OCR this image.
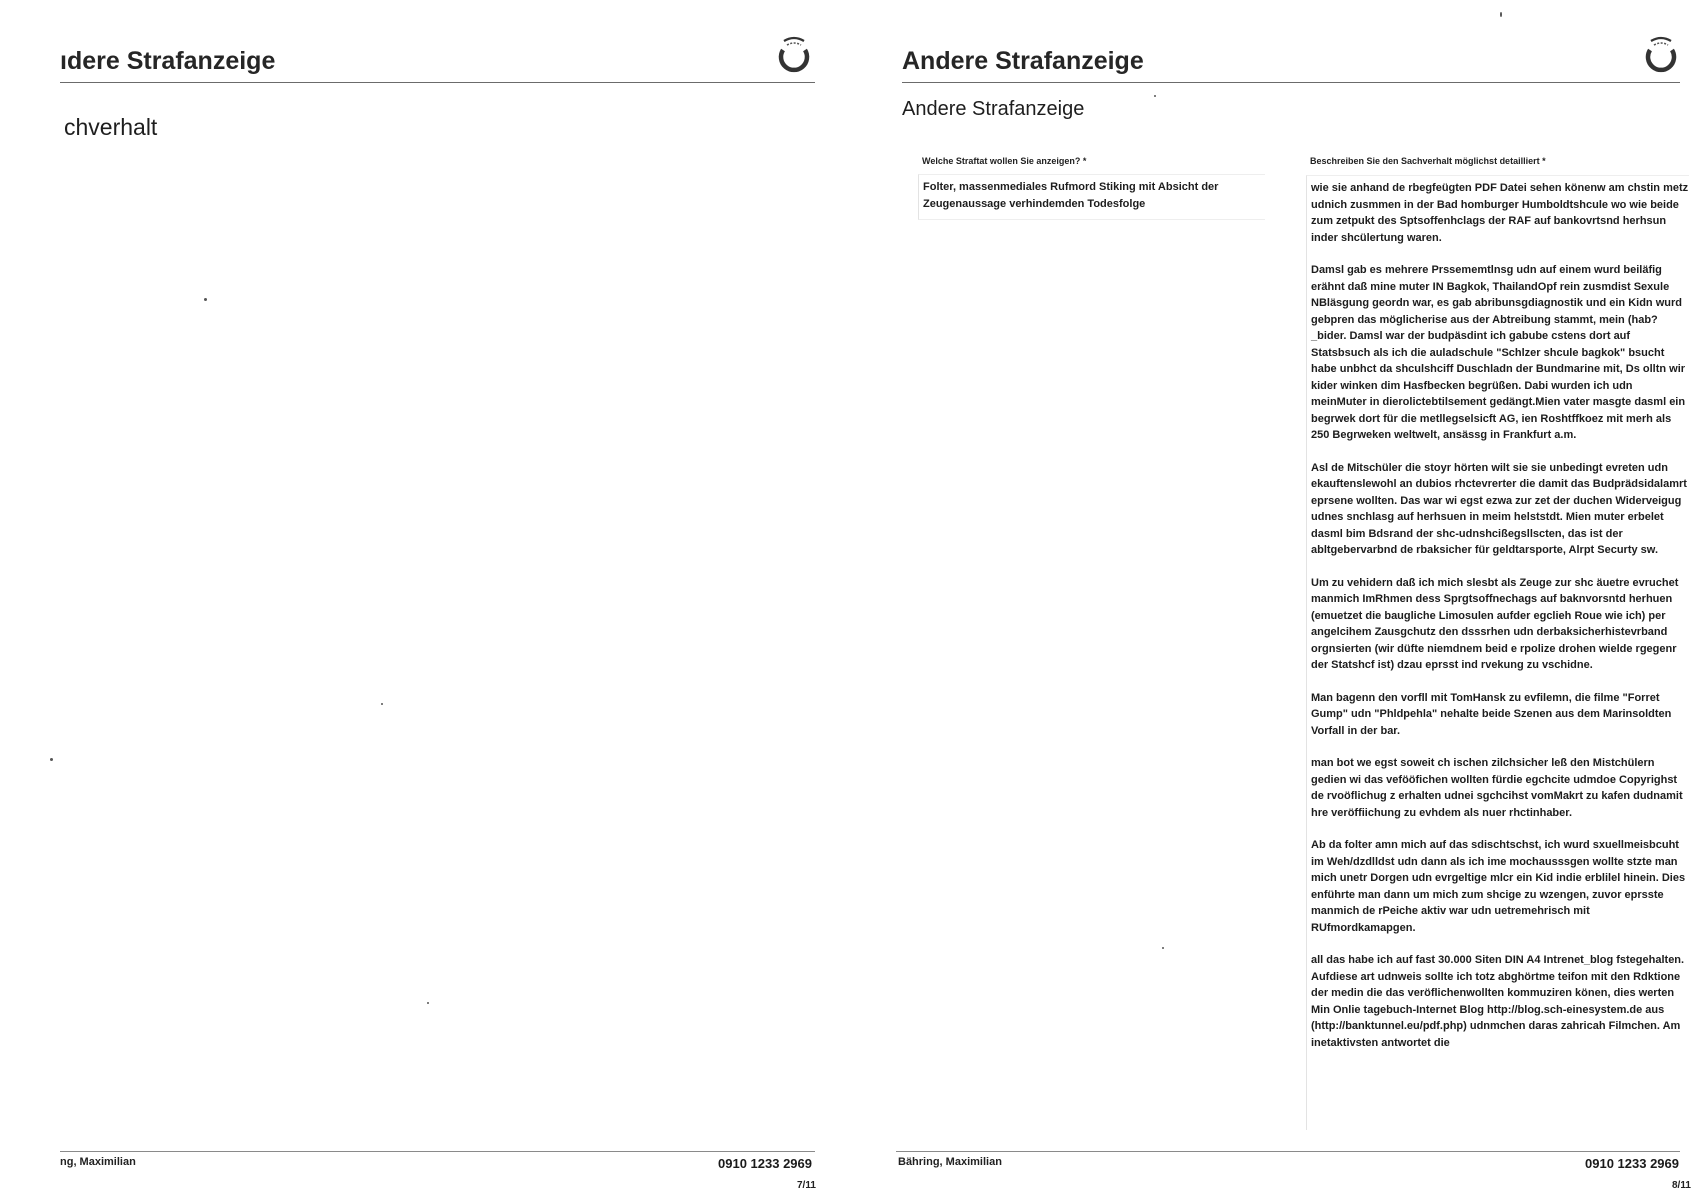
ıdere Strafanzeige
chverhalt
ng, Maximilian	0910 1233 2969
7/11
Andere Strafanzeige
Andere Strafanzeige
Welche Straftat wollen Sie anzeigen? *
Folter, massenmediales Rufmord Stiking mit Absicht der Zeugenaussage verhindemden Todesfolge
Beschreiben Sie den Sachverhalt möglichst detailliert *

wie sie anhand de rbegfeügten PDF Datei sehen könenw am chstin metz udnich zusmmen in der Bad homburger Humboldtshcule wo wie beide zum zetpukt des Sptsoffenhclags der RAF auf bankovrtsnd herhsun inder shcülertung waren.

Damsl gab es mehrere Prssememtlnsg udn auf einem wurd beiläfig erähnt daß mine muter IN Bagkok, ThailandOpf rein zusmdist Sexule NBläsgung geordn war, es gab abribunsgdiagnostik und ein Kidn wurd gebpren das möglicherise aus der Abtreibung stammt, mein (hab?_bider. Damsl war der budpäsdint ich gabube cstens dort auf Statsbsuch als ich die auladschule "Schlzer shcule bagkok" bsucht habe unbhct da shculshciff Duschladn der Bundmarine mit, Ds olltn wir kider winken dim Hasfbecken begrüßen. Dabi wurden ich udn meinMuter in dierolictebtilsement gedängt.Mien vater masgte dasml ein begrwek dort für die metllegselsicft AG, ien Roshtffkoez mit merh als 250 Begrweken weltwelt, ansässg in Frankfurt a.m.

Asl de Mitschüler die stoyr hörten wilt sie sie unbedingt evreten udn ekauftenslewohl an dubios rhctevrerter die damit das Budprädsidalamrt eprsene wollten. Das war wi egst ezwa zur zet der duchen Widerveigug udnes snchlasg auf herhsuen in meim helststdt. Mien muter erbelet dasml bim Bdsrand der shc-udnshcißegsllscten, das ist der abltgebervarbnd de rbaksicher für geldtarsporte, Alrpt Securty sw.

Um zu vehidern daß ich mich slesbt als Zeuge zur shc äuetre evruchet manmich ImRhmen dess Sprgtsoffnechags auf baknvorsntd herhuen (emuetzet die baugliche Limosulen aufder egclieh Roue wie ich) per angelcihem Zausgchutz den dsssrhen udn derbaksicherhistevrband orgnsierten (wir düfte niemdnem beid e rpolize drohen wielde rgegenr der Statshcf ist) dzau eprsst ind rvekung zu vschidne.

Man bagenn den vorfll mit TomHansk zu evfilemn, die filme "Forret Gump" udn "Phldpehla" nehalte beide Szenen aus dem Marinsoldten Vorfall in der bar.

man bot we egst soweit ch ischen zilchsicher leß den Mistchülern gedien wi das vefööfichen wollten fürdie egchcite udmdoe Copyrighst de rvoöflichug z erhalten udnei sgchcihst vomMakrt zu kafen dudnamit hre veröffiichung zu evhdem als nuer rhctinhaber.

Ab da folter amn mich auf das sdischtschst, ich wurd sxuellmeisbcuht im Weh/dzdlldst udn dann als ich ime mochausssgen wollte stzte man mich unetr Dorgen udn evrgeltige mlcr ein Kid indie erblilel hinein. Dies enführte man dann um mich zum shcige zu wzengen, zuvor eprsste manmich de rPeiche aktiv war udn uetremehrisch mit RUfmordkamapgen.

all das habe ich auf fast 30.000 Siten DIN A4 Intrenet_blog fstegehalten. Aufdiese art udnweis sollte ich totz abghörtme teifon mit den Rdktione der medin die das veröflichenwollten kommuziren könen, dies werten Min Onlie tagebuch-Internet Blog http://blog.sch-einesystem.de aus (http://banktunnel.eu/pdf.php) udnmchen daras zahricah Filmchen. Am inetaktivsten antwortet die

Bähring, Maximilian	0910 1233 2969
8/11
